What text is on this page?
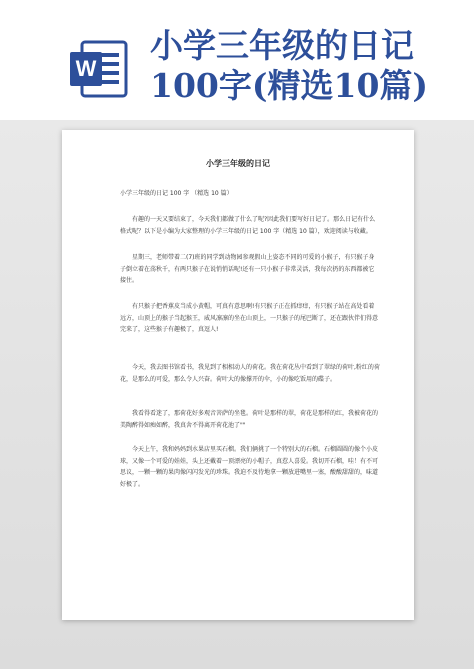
W
小学三年级的日记
100字(精选10篇)
小学三年级的日记

小学三年级的日记 100 字 （精选 10 篇）

有趣的一天又要结束了，今天我们都做了什么了呢?因此我们要写好日记了。那么日记有什么格式呢？以下是小编为大家整理的小学三年级的日记 100 字（精选 10 篇），欢迎阅读与收藏。

星期三，老师带着二(7)班的同学到动物园参观假山上姿态不同的可爱的小猴子，有只猴子身子倒立着在荡秋千，有两只猴子在说悄悄话呢!还有一只小猴子非常灵活，我每次扔的东西都被它接住。

有只猴子把香蕉皮当成小黄帽，可真有意思啊!有只猴子正在抓痒痒，有只猴子站在高处看着远方，山顶上的猴子当起猴王，威风凛凛的坐在山顶上，一只猴子的尾巴断了，还在跟伙伴们得意完来了，这些猴子有趣极了，真逗人!

今天，我去图书馆看书，我见到了相相动人的荷花。我在荷花丛中看到了翠绿的荷叶,粉红的荷花，是那么的可爱，那么令人兴奋。荷叶大的像撑开的伞，小的像吃饭用的碟子。

我看得看迷了，那荷花好多观音菩萨的坐毯。荷叶是那样的翠，荷花是那样的红，我被荷花的美陶醉得如痴如醉，我真舍不得离开荷花池了""

今天上午，我和妈妈到水果店里买石榴。我们俩挑了一个特别大的石榴。石榴圆圆的像个小皮球，又像一个可爱的娃娃，头上还戴着一顶漂亮的小帽子，真惹人喜爱。我切开石榴，哇！有不可思议，一颗一颗的果肉像闪闪发光的珍珠。我迫不及待地拿一颗放进嘴里一塞，酸酸甜甜的，味道好极了。
